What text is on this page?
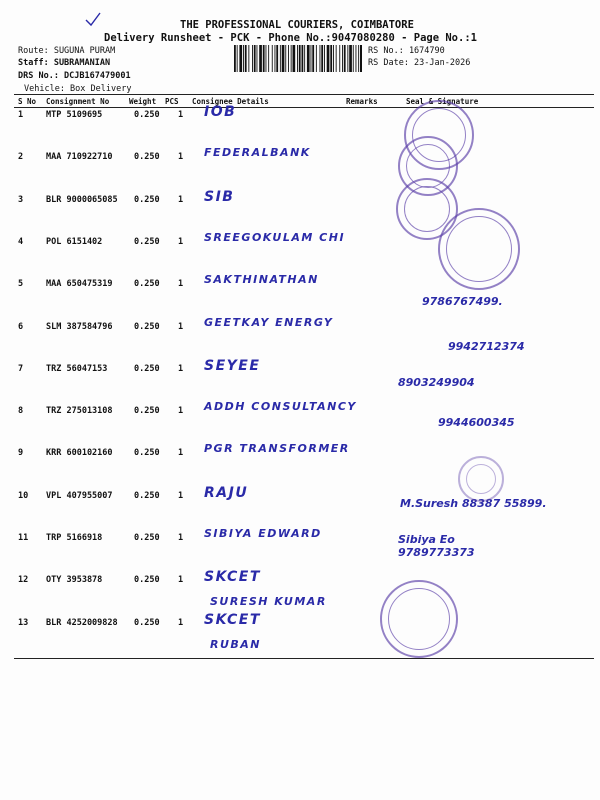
THE PROFESSIONAL COURIERS, COIMBATORE
Delivery Runsheet - PCK - Phone No.:9047080280 - Page No.:1
Route: SUGUNA PURAM
Staff: SUBRAMANIAN
DRS No.: DCJB167479001
Vehicle: Box Delivery
RS No.: 1674790
RS Date: 23-Jan-2026
S No Consignment No	Weight PCS Consignee Details	Remarks	Seal & Signature
1	MTP 5109695	0.250 1 IOB
2	MAA 710922710	0.250 1 FEDERALBANK
3	BLR 9000065085 0.250 1 SIB
4	POL 6151402	0.250 1 SREEGOKULAM CHI
5	MAA 650475319	0.250 1 SAKTHINATHAN
9786767499.
6	SLM 387584796	0.250 1 GEETKAY ENERGY
9942712374
7	TRZ 56047153	0.250 1 SEYEE
8903249904
8	TRZ 275013108	0.250 1 ADDH CONSULTANCY
9944600345
9	KRR 600102160	0.250 1 PGR TRANSFORMER
10 VPL 407955007	0.250 1 RAJU
M.Suresh 88387 55899.
11 TRP 5166918	0.250 1 SIBIYA EDWARD	Sibiya Eo 9789773373
12 OTY 3953878	0.250 1 SKCET
SURESH KUMAR
13 BLR 4252009828 0.250 1 SKCET
RUBAN
